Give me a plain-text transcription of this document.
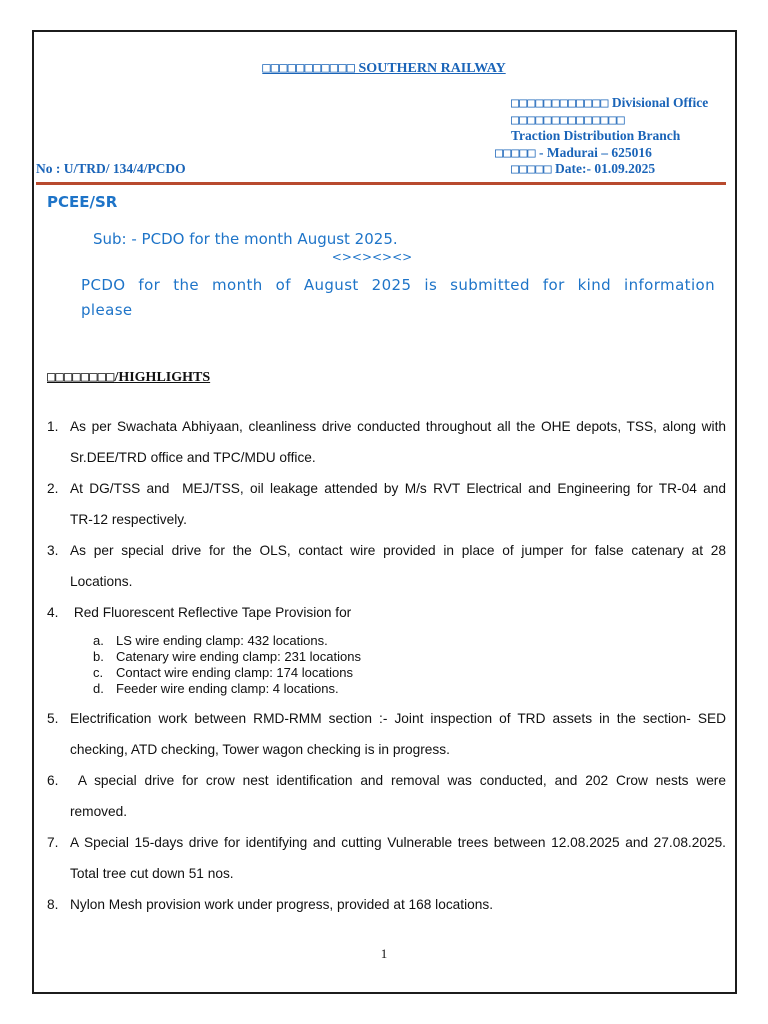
□□□□□□□□□□□ SOUTHERN RAILWAY
□□□□□□□□□□□□ Divisional Office
□□□□□□□□□□□□□□
Traction Distribution Branch
□□□□□ - Madurai – 625016
□□□□□ Date:- 01.09.2025
No : U/TRD/ 134/4/PCDO
PCEE/SR
Sub: - PCDO for the month August 2025.
<><><><>
PCDO for the month of August 2025 is submitted for kind information
please
□□□□□□□□/HIGHLIGHTS
1. As per Swachata Abhiyaan, cleanliness drive conducted throughout all the OHE depots, TSS, along with
Sr.DEE/TRD office and TPC/MDU office.
2. At DG/TSS and  MEJ/TSS, oil leakage attended by M/s RVT Electrical and Engineering for TR-04 and
TR-12 respectively.
3. As per special drive for the OLS, contact wire provided in place of jumper for false catenary at 28
Locations.
4. Red Fluorescent Reflective Tape Provision for
a. LS wire ending clamp: 432 locations.
b. Catenary wire ending clamp: 231 locations
c. Contact wire ending clamp: 174 locations
d. Feeder wire ending clamp: 4 locations.
5. Electrification work between RMD-RMM section :- Joint inspection of TRD assets in the section- SED
checking, ATD checking, Tower wagon checking is in progress.
6. A special drive for crow nest identification and removal was conducted, and 202 Crow nests were
removed.
7. A Special 15-days drive for identifying and cutting Vulnerable trees between 12.08.2025 and 27.08.2025.
Total tree cut down 51 nos.
8. Nylon Mesh provision work under progress, provided at 168 locations.
1
